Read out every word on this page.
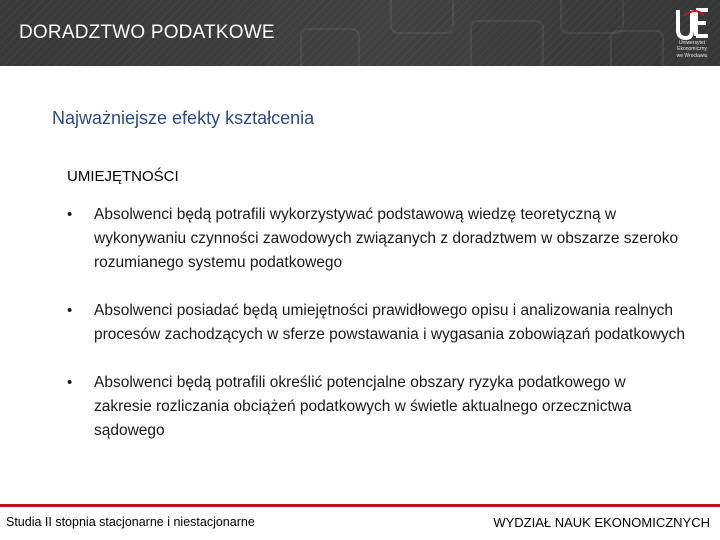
DORADZTWO PODATKOWE	Uniwersytet
Ekonomiczny
we Wrocławiu
Najważniejsze efekty kształcenia
UMIEJĘTNOŚCI
• Absolwenci będą potrafili wykorzystywać podstawową wiedzę teoretyczną w wykonywaniu czynności zawodowych związanych z doradztwem w obszarze szeroko rozumianego systemu podatkowego
• Absolwenci posiadać będą umiejętności prawidłowego opisu i analizowania realnych procesów zachodzących w sferze powstawania i wygasania zobowiązań podatkowych
• Absolwenci będą potrafili określić potencjalne obszary ryzyka podatkowego w zakresie rozliczania obciążeń podatkowych w świetle aktualnego orzecznictwa sądowego
Studia II stopnia stacjonarne i niestacjonarne	WYDZIAŁ NAUK EKONOMICZNYCH
